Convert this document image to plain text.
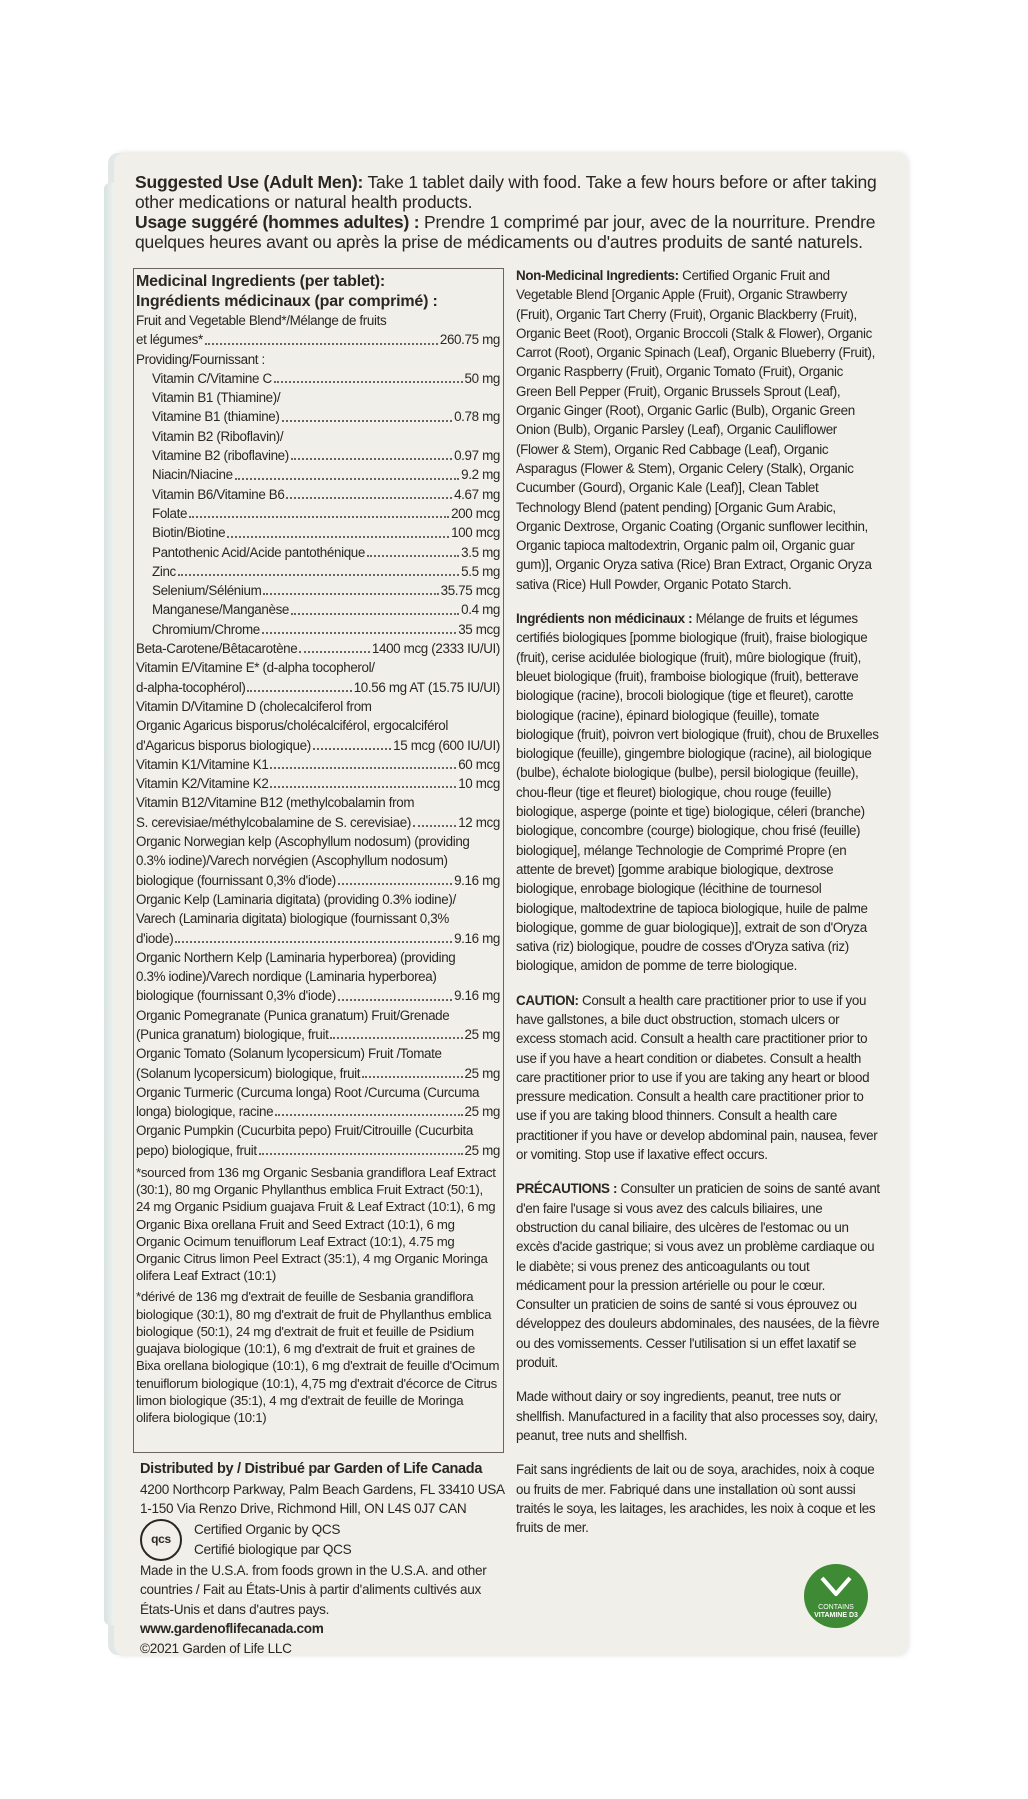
Suggested Use (Adult Men): Take 1 tablet daily with food. Take a few hours before or after taking other medications or natural health products.
Usage suggéré (hommes adultes) : Prendre 1 comprimé par jour, avec de la nourriture. Prendre quelques heures avant ou après la prise de médicaments ou d'autres produits de santé naturels.
Medicinal Ingredients (per tablet):
Ingrédients médicinaux (par comprimé) :
Fruit and Vegetable Blend*/Mélange de fruits
et légumes*	260.75 mg
Providing/Fournissant :
Vitamin C/Vitamine C	50 mg
Vitamin B1 (Thiamine)/
Vitamine B1 (thiamine)	0.78 mg
Vitamin B2 (Riboflavin)/
Vitamine B2 (riboflavine)	0.97 mg
Niacin/Niacine	9.2 mg
Vitamin B6/Vitamine B6	4.67 mg
Folate	200 mcg
Biotin/Biotine	100 mcg
Pantothenic Acid/Acide pantothénique	3.5 mg
Zinc	5.5 mg
Selenium/Sélénium	35.75 mcg
Manganese/Manganèse	0.4 mg
Chromium/Chrome	35 mcg
Beta-Carotene/Bêtacarotène	1400 mcg (2333 IU/UI)
Vitamin E/Vitamine E* (d-alpha tocopherol/
d-alpha-tocophérol)	10.56 mg AT (15.75 IU/UI)
Vitamin D/Vitamine D (cholecalciferol from
Organic Agaricus bisporus/cholécalciférol, ergocalciférol
d'Agaricus bisporus biologique)	15 mcg (600 IU/UI)
Vitamin K1/Vitamine K1	60 mcg
Vitamin K2/Vitamine K2	10 mcg
Vitamin B12/Vitamine B12 (methylcobalamin from
S. cerevisiae/méthylcobalamine de S. cerevisiae)	12 mcg
Organic Norwegian kelp (Ascophyllum nodosum) (providing
0.3% iodine)/Varech norvégien (Ascophyllum nodosum)
biologique (fournissant 0,3% d'iode)	9.16 mg
Organic Kelp (Laminaria digitata) (providing 0.3% iodine)/
Varech (Laminaria digitata) biologique (fournissant 0,3%
d'iode)	9.16 mg
Organic Northern Kelp (Laminaria hyperborea) (providing
0.3% iodine)/Varech nordique (Laminaria hyperborea)
biologique (fournissant 0,3% d'iode)	9.16 mg
Organic Pomegranate (Punica granatum) Fruit/Grenade
(Punica granatum) biologique, fruit	25 mg
Organic Tomato (Solanum lycopersicum) Fruit /Tomate
(Solanum lycopersicum) biologique, fruit	25 mg
Organic Turmeric (Curcuma longa) Root /Curcuma (Curcuma
longa) biologique, racine	25 mg
Organic Pumpkin (Cucurbita pepo) Fruit/Citrouille (Cucurbita
pepo) biologique, fruit	25 mg
*sourced from 136 mg Organic Sesbania grandiflora Leaf Extract (30:1), 80 mg Organic Phyllanthus emblica Fruit Extract (50:1), 24 mg Organic Psidium guajava Fruit & Leaf Extract (10:1), 6 mg Organic Bixa orellana Fruit and Seed Extract (10:1), 6 mg Organic Ocimum tenuiflorum Leaf Extract (10:1), 4.75 mg Organic Citrus limon Peel Extract (35:1), 4 mg Organic Moringa olifera Leaf Extract (10:1)
*dérivé de 136 mg d'extrait de feuille de Sesbania grandiflora biologique (30:1), 80 mg d'extrait de fruit de Phyllanthus emblica biologique (50:1), 24 mg d'extrait de fruit et feuille de Psidium guajava biologique (10:1), 6 mg d'extrait de fruit et graines de Bixa orellana biologique (10:1), 6 mg d'extrait de feuille d'Ocimum tenuiflorum biologique (10:1), 4,75 mg d'extrait d'écorce de Citrus limon biologique (35:1), 4 mg d'extrait de feuille de Moringa olifera biologique (10:1)
Distributed by / Distribué par Garden of Life Canada
4200 Northcorp Parkway, Palm Beach Gardens, FL 33410 USA
1-150 Via Renzo Drive, Richmond Hill, ON L4S 0J7 CAN
qcs
Certified Organic by QCS
Certifié biologique par QCS
Made in the U.S.A. from foods grown in the U.S.A. and other countries / Fait au États-Unis à partir d'aliments cultivés aux États-Unis et dans d'autres pays. www.gardenoflifecanada.com
©2021 Garden of Life LLC

Non-Medicinal Ingredients: Certified Organic Fruit and Vegetable Blend [Organic Apple (Fruit), Organic Strawberry (Fruit), Organic Tart Cherry (Fruit), Organic Blackberry (Fruit), Organic Beet (Root), Organic Broccoli (Stalk & Flower), Organic Carrot (Root), Organic Spinach (Leaf), Organic Blueberry (Fruit), Organic Raspberry (Fruit), Organic Tomato (Fruit), Organic Green Bell Pepper (Fruit), Organic Brussels Sprout (Leaf), Organic Ginger (Root), Organic Garlic (Bulb), Organic Green Onion (Bulb), Organic Parsley (Leaf), Organic Cauliflower (Flower & Stem), Organic Red Cabbage (Leaf), Organic Asparagus (Flower & Stem), Organic Celery (Stalk), Organic Cucumber (Gourd), Organic Kale (Leaf)], Clean Tablet Technology Blend (patent pending) [Organic Gum Arabic, Organic Dextrose, Organic Coating (Organic sunflower lecithin, Organic tapioca maltodextrin, Organic palm oil, Organic guar gum)], Organic Oryza sativa (Rice) Bran Extract, Organic Oryza sativa (Rice) Hull Powder, Organic Potato Starch.

Ingrédients non médicinaux : Mélange de fruits et légumes certifiés biologiques [pomme biologique (fruit), fraise biologique (fruit), cerise acidulée biologique (fruit), mûre biologique (fruit), bleuet biologique (fruit), framboise biologique (fruit), betterave biologique (racine), brocoli biologique (tige et fleuret), carotte biologique (racine), épinard biologique (feuille), tomate biologique (fruit), poivron vert biologique (fruit), chou de Bruxelles biologique (feuille), gingembre biologique (racine), ail biologique (bulbe), échalote biologique (bulbe), persil biologique (feuille), chou-fleur (tige et fleuret) biologique, chou rouge (feuille) biologique, asperge (pointe et tige) biologique, céleri (branche) biologique, concombre (courge) biologique, chou frisé (feuille) biologique], mélange Technologie de Comprimé Propre (en attente de brevet) [gomme arabique biologique, dextrose biologique, enrobage biologique (lécithine de tournesol biologique, maltodextrine de tapioca biologique, huile de palme biologique, gomme de guar biologique)], extrait de son d'Oryza sativa (riz) biologique, poudre de cosses d'Oryza sativa (riz) biologique, amidon de pomme de terre biologique.

CAUTION: Consult a health care practitioner prior to use if you have gallstones, a bile duct obstruction, stomach ulcers or excess stomach acid. Consult a health care practitioner prior to use if you have a heart condition or diabetes. Consult a health care practitioner prior to use if you are taking any heart or blood pressure medication. Consult a health care practitioner prior to use if you are taking blood thinners. Consult a health care practitioner if you have or develop abdominal pain, nausea, fever or vomiting. Stop use if laxative effect occurs.

PRÉCAUTIONS : Consulter un praticien de soins de santé avant d'en faire l'usage si vous avez des calculs biliaires, une obstruction du canal biliaire, des ulcères de l'estomac ou un excès d'acide gastrique; si vous avez un problème cardiaque ou le diabète; si vous prenez des anticoagulants ou tout médicament pour la pression artérielle ou pour le cœur. Consulter un praticien de soins de santé si vous éprouvez ou développez des douleurs abdominales, des nausées, de la fièvre ou des vomissements. Cesser l'utilisation si un effet laxatif se produit.

Made without dairy or soy ingredients, peanut, tree nuts or shellfish. Manufactured in a facility that also processes soy, dairy, peanut, tree nuts and shellfish.

Fait sans ingrédients de lait ou de soya, arachides, noix à coque ou fruits de mer. Fabriqué dans une installation où sont aussi traités le soya, les laitages, les arachides, les noix à coque et les fruits de mer.

CONTAINS
VITAMINE D3
